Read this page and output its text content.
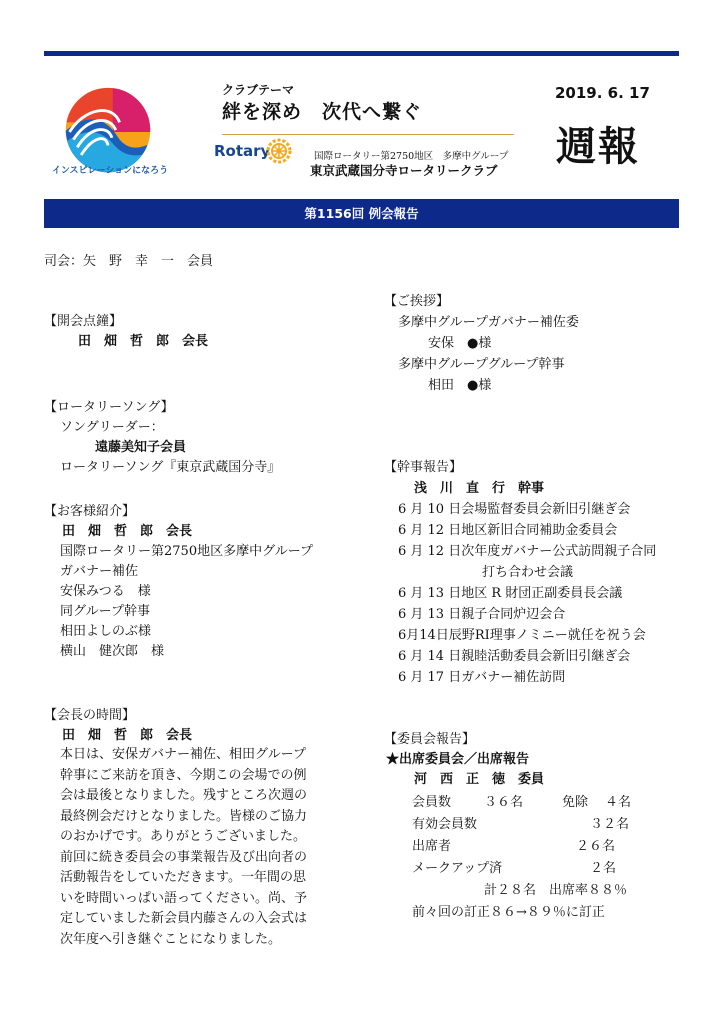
インスピレーションになろう
クラブテーマ
絆を深め　次代へ繋ぐ
Rotary	国際ロータリー第2750地区　多摩中グループ
東京武蔵国分寺ロータリークラブ
2019. 6. 17
週報
第1156回 例会報告
司会：矢　野　幸　一　会員
【開会点鐘】
田　畑　哲　郎　会長
【ロータリーソング】
ソングリーダー：
遠藤美知子会員
ロータリーソング『東京武蔵国分寺』
【お客様紹介】
田　畑　哲　郎　会長
国際ロータリー第2750地区多摩中グループ
ガバナー補佐
安保みつる　様
同グループ幹事
相田よしのぶ様
横山　健次郎　様
【会長の時間】
田　畑　哲　郎　会長
本日は、安保ガバナー補佐、相田グループ
幹事にご来訪を頂き、今期この会場での例
会は最後となりました。残すところ次週の
最終例会だけとなりました。皆様のご協力
のおかげです。ありがとうございました。
前回に続き委員会の事業報告及び出向者の
活動報告をしていただきます。一年間の思
いを時間いっぱい語ってください。尚、予
定していました新会員内藤さんの入会式は
次年度へ引き継ぐことになりました。
【ご挨拶】
多摩中グループガバナー補佐委
安保　●様
多摩中グループグループ幹事
相田　●様
【幹事報告】
浅　川　直　行　幹事
6 月 10 日会場監督委員会新旧引継ぎ会
6 月 12 日地区新旧合同補助金委員会
6 月 12 日次年度ガバナー公式訪問親子合同
打ち合わせ会議
6 月 13 日地区 R 財団正副委員長会議
6 月 13 日親子合同炉辺会合
6月14日辰野RI理事ノミニー就任を祝う会
6 月 14 日親睦活動委員会新旧引継ぎ会
6 月 17 日ガバナー補佐訪問
【委員会報告】
★出席委員会／出席報告
河　西　正　徳　委員
会員数	３６名	免除 ４名
有効会員数	３２名
出席者	２６名
メークアップ済	２名
計２８名　出席率８８％
前々回の訂正８６→８９％に訂正
